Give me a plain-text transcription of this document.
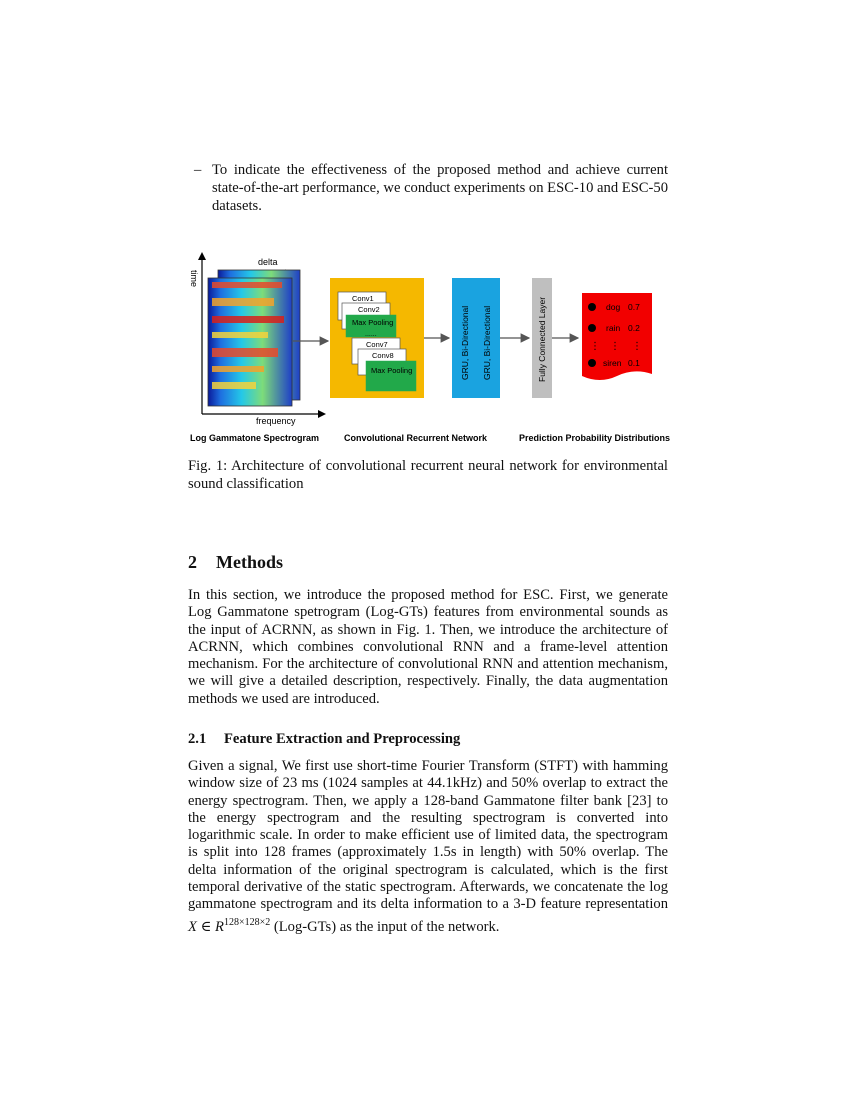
– To indicate the effectiveness of the proposed method and achieve current state-of-the-art performance, we conduct experiments on ESC-10 and ESC-50 datasets.
time
delta
frequency
Log Gammatone Spectrogram
Conv1
Conv2
Max Pooling
......
Conv7
Conv8
Max Pooling
Convolutional Recurrent Network
GRU, Bi-Directional GRU, Bi-Directional	Fully Connected Layer	dog 0.7
rain 0.2
⋮ ⋮ ⋮
siren 0.1
Prediction Probability Distributions
Fig. 1: Architecture of convolutional recurrent neural network for environmental sound classification
2 Methods
In this section, we introduce the proposed method for ESC. First, we generate Log Gammatone spetrogram (Log-GTs) features from environmental sounds as the input of ACRNN, as shown in Fig. 1. Then, we introduce the architecture of ACRNN, which combines convolutional RNN and a frame-level attention mechanism. For the architecture of convolutional RNN and attention mechanism, we will give a detailed description, respectively. Finally, the data augmentation methods we used are introduced.
2.1 Feature Extraction and Preprocessing
Given a signal, We first use short-time Fourier Transform (STFT) with hamming window size of 23 ms (1024 samples at 44.1kHz) and 50% overlap to extract the energy spectrogram. Then, we apply a 128-band Gammatone filter bank [23] to the energy spectrogram and the resulting spectrogram is converted into logarithmic scale. In order to make efficient use of limited data, the spectrogram is split into 128 frames (approximately 1.5s in length) with 50% overlap. The delta information of the original spectrogram is calculated, which is the first temporal derivative of the static spectrogram. Afterwards, we concatenate the log gammatone spectrogram and its delta information to a 3-D feature representation X ∈ $R^{128\times 128\times 2}$ (Log-GTs) as the input of the network.
